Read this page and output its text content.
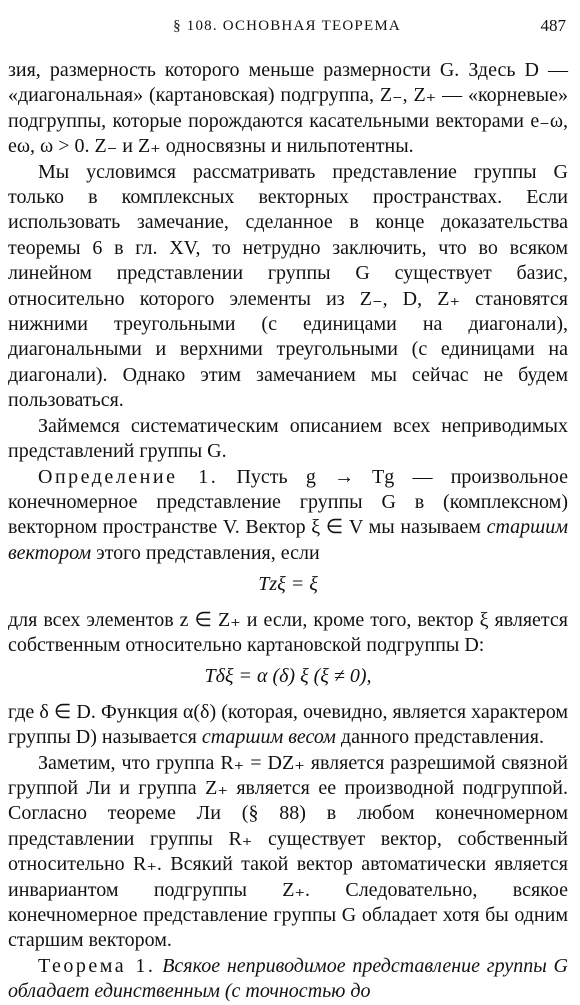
§ 108. ОСНОВНАЯ ТЕОРЕМА	487

зия, размерность которого меньше размерности G. Здесь D — «диагональная» (картановская) подгруппа, Z₋, Z₊ — «корневые» подгруппы, которые порождаются касательными векторами e₋ω, eω, ω > 0. Z₋ и Z₊ односвязны и нильпотентны.

Мы условимся рассматривать представление группы G только в комплексных векторных пространствах. Если использовать замечание, сделанное в конце доказательства теоремы 6 в гл. XV, то нетрудно заключить, что во всяком линейном представлении группы G существует базис, относительно которого элементы из Z₋, D, Z₊ становятся нижними треугольными (с единицами на диагонали), диагональными и верхними треугольными (с единицами на диагонали). Однако этим замечанием мы сейчас не будем пользоваться.

Займемся систематическим описанием всех неприводимых представлений группы G.

Определение 1. Пусть g → Tg — произвольное конечномерное представление группы G в (комплексном) векторном пространстве V. Вектор ξ ∈ V мы называем старшим вектором этого представления, если

Tzξ = ξ

для всех элементов z ∈ Z₊ и если, кроме того, вектор ξ является собственным относительно картановской подгруппы D:

Tδξ = α (δ) ξ (ξ ≠ 0),

где δ ∈ D. Функция α(δ) (которая, очевидно, является характером группы D) называется старшим весом данного представления.

Заметим, что группа R₊ = DZ₊ является разрешимой связной группой Ли и группа Z₊ является ее производной подгруппой. Согласно теореме Ли (§ 88) в любом конечномерном представлении группы R₊ существует вектор, собственный относительно R₊. Всякий такой вектор автоматически является инвариантом подгруппы Z₊. Следовательно, всякое конечномерное представление группы G обладает хотя бы одним старшим вектором.

Теорема 1. Всякое неприводимое представление группы G обладает единственным (с точностью до
